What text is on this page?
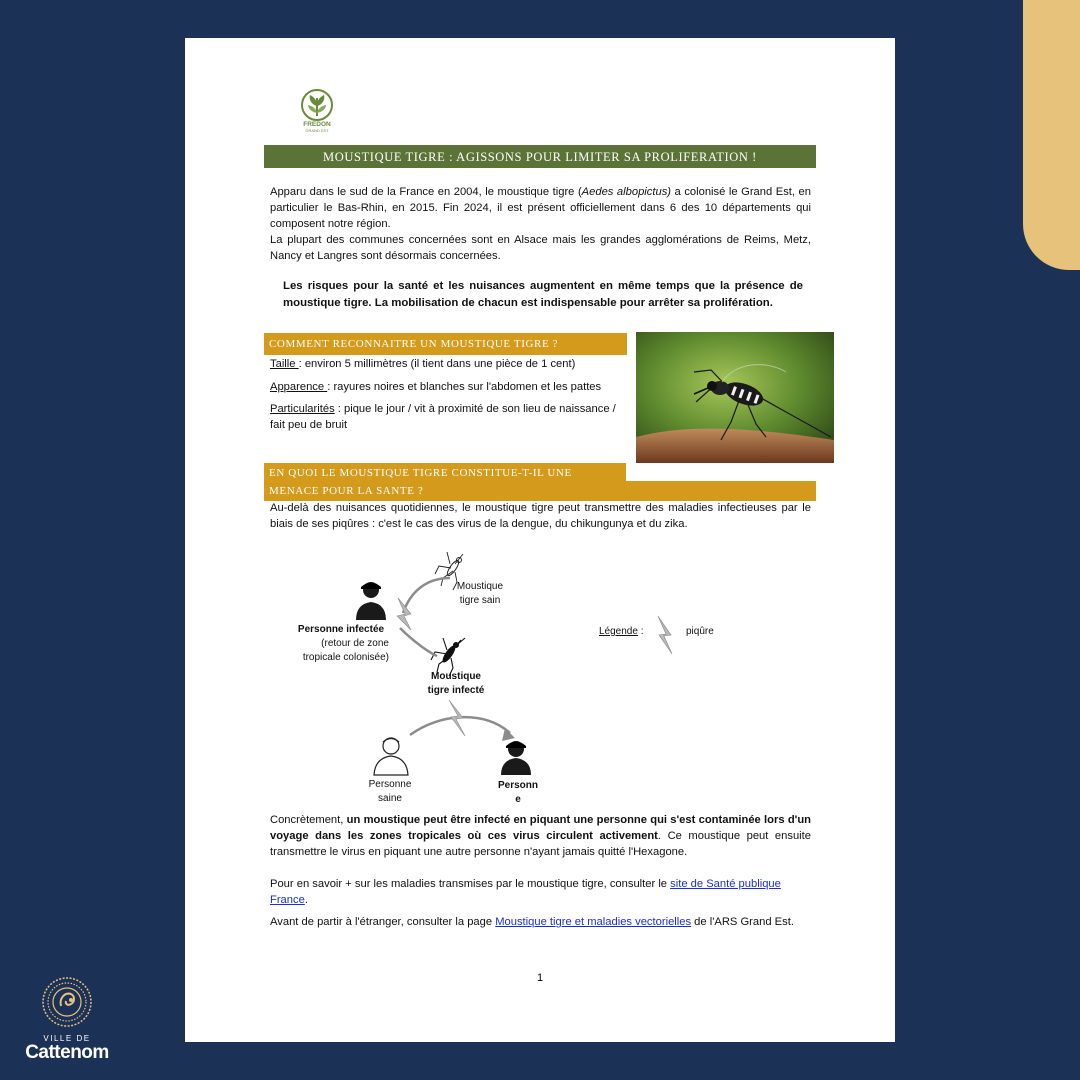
FREDON
GRAND EST
MOUSTIQUE TIGRE : AGISSONS POUR LIMITER SA PROLIFERATION !

Apparu dans le sud de la France en 2004, le moustique tigre (Aedes albopictus) a colonisé le Grand Est, en particulier le Bas-Rhin, en 2015. Fin 2024, il est présent officiellement dans 6 des 10 départements qui composent notre région.

La plupart des communes concernées sont en Alsace mais les grandes agglomérations de Reims, Metz, Nancy et Langres sont désormais concernées.

Les risques pour la santé et les nuisances augmentent en même temps que la présence de moustique tigre. La mobilisation de chacun est indispensable pour arrêter sa prolifération.
COMMENT RECONNAITRE UN MOUSTIQUE TIGRE ?
Taille : environ 5 millimètres (il tient dans une pièce de 1 cent)
Apparence : rayures noires et blanches sur l'abdomen et les pattes
Particularités : pique le jour / vit à proximité de son lieu de naissance / fait peu de bruit
EN QUOI LE MOUSTIQUE TIGRE CONSTITUE-T-IL UNE
MENACE POUR LA SANTE ?
Au-delà des nuisances quotidiennes, le moustique tigre peut transmettre des maladies infectieuses par le biais de ses piqûres : c'est le cas des virus de la dengue, du chikungunya et du zika.
Moustique
tigre sain
Personne infectée
(retour de zone
tropicale colonisée)
Moustique
tigre infecté
Personne
saine
Personn
e
Légende :	piqûre
Concrètement, un moustique peut être infecté en piquant une personne qui s'est contaminée lors d'un voyage dans les zones tropicales où ces virus circulent activement. Ce moustique peut ensuite transmettre le virus en piquant une autre personne n'ayant jamais quitté l'Hexagone.
Pour en savoir + sur les maladies transmises par le moustique tigre, consulter le site de Santé publique France.
Avant de partir à l'étranger, consulter la page Moustique tigre et maladies vectorielles de l'ARS Grand Est.
1
VILLE DE
Cattenom
